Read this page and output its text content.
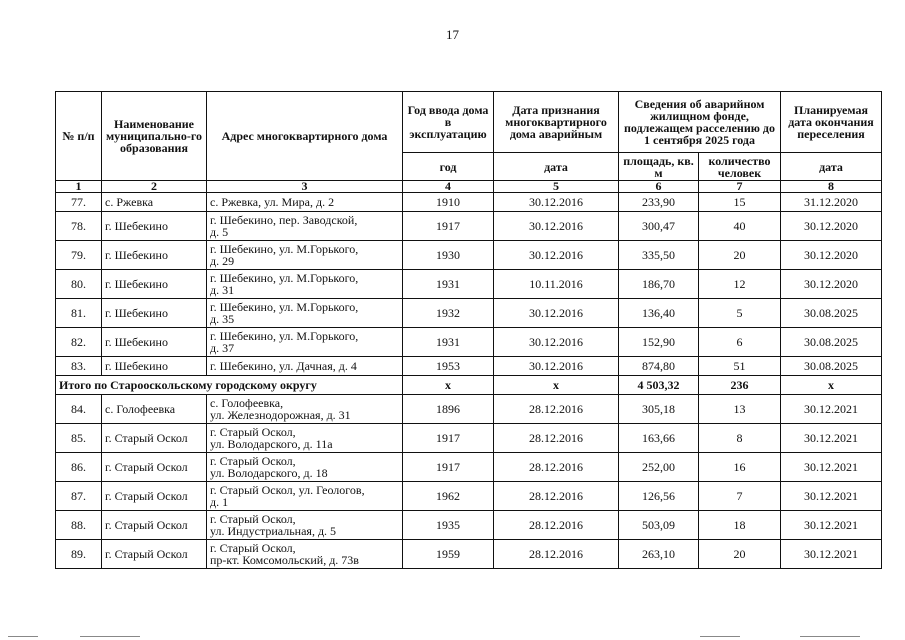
17
№ п/п	Наименование муниципально-го образования	Адрес многоквартирного дома	Год ввода дома в эксплуатацию	Дата признания многоквартирного дома аварийным	Сведения об аварийном жилищном фонде, подлежащем расселению до 1 сентября 2025 года		Планируемая дата окончания переселения
			год	дата	площадь, кв. м	количество человек	дата
1	2	3	4	5	6	7	8
77.	с. Ржевка	с. Ржевка, ул. Мира, д. 2	1910	30.12.2016	233,90	15	31.12.2020
78.	г. Шебекино	г. Шебекино, пер. Заводской,
д. 5	1917	30.12.2016	300,47	40	30.12.2020
79.	г. Шебекино	г. Шебекино, ул. М.Горького,
д. 29	1930	30.12.2016	335,50	20	30.12.2020
80.	г. Шебекино	г. Шебекино, ул. М.Горького,
д. 31	1931	10.11.2016	186,70	12	30.12.2020
81.	г. Шебекино	г. Шебекино, ул. М.Горького,
д. 35	1932	30.12.2016	136,40	5	30.08.2025
82.	г. Шебекино	г. Шебекино, ул. М.Горького,
д. 37	1931	30.12.2016	152,90	6	30.08.2025
83.	г. Шебекино	г. Шебекино, ул. Дачная, д. 4	1953	30.12.2016	874,80	51	30.08.2025
Итого по Старооскольскому городскому округу			х	х	4 503,32	236	х
84.	с. Голофеевка	с. Голофеевка,
ул. Железнодорожная, д. 31	1896	28.12.2016	305,18	13	30.12.2021
85.	г. Старый Оскол	г. Старый Оскол,
ул. Володарского, д. 11а	1917	28.12.2016	163,66	8	30.12.2021
86.	г. Старый Оскол	г. Старый Оскол,
ул. Володарского, д. 18	1917	28.12.2016	252,00	16	30.12.2021
87.	г. Старый Оскол	г. Старый Оскол, ул. Геологов,
д. 1	1962	28.12.2016	126,56	7	30.12.2021
88.	г. Старый Оскол	г. Старый Оскол,
ул. Индустриальная, д. 5	1935	28.12.2016	503,09	18	30.12.2021
89.	г. Старый Оскол	г. Старый Оскол,
пр-кт. Комсомольский, д. 73в	1959	28.12.2016	263,10	20	30.12.2021
